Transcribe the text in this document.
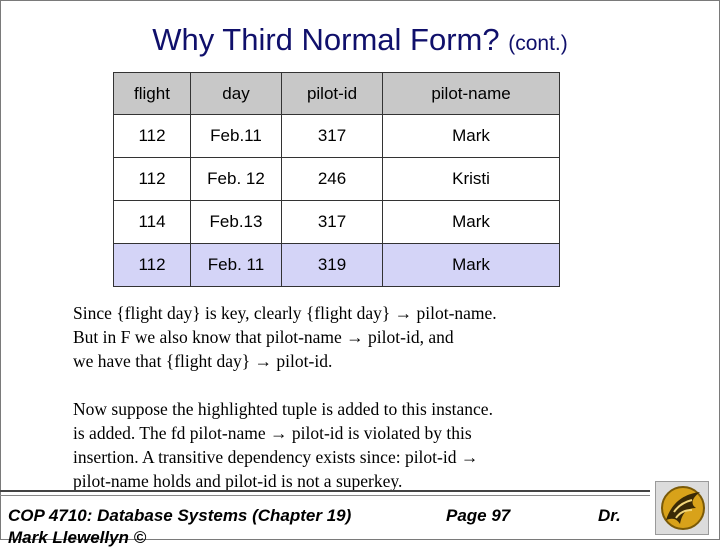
Why Third Normal Form? (cont.)
flight	day	pilot-id	pilot-name
112	Feb.11	317	Mark
112	Feb. 12	246	Kristi
114	Feb.13	317	Mark
112	Feb. 11	319	Mark
Since {flight day} is key, clearly {flight day} → pilot-name.
But in F we also know that pilot-name → pilot-id, and
we have that {flight day} → pilot-id.
Now suppose the highlighted tuple is added to this instance.
is added. The fd pilot-name → pilot-id is violated by this
insertion. A transitive dependency exists since: pilot-id →
pilot-name holds and pilot-id is not a superkey.
COP 4710: Database Systems (Chapter 19)	Page 97	Dr.
Mark Llewellyn ©
